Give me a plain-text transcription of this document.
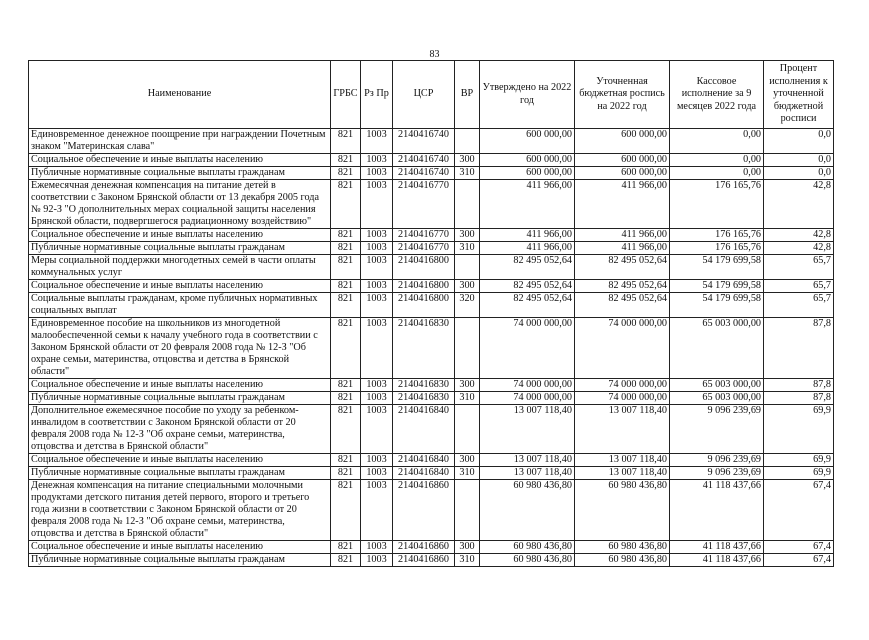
83
Наименование	ГРБС	Рз Пр	ЦСР	ВР	Утверждено на 2022 год	Уточненная бюджетная роспись на 2022 год	Кассовое исполнение за 9 месяцев 2022 года	Процент исполнения к уточненной бюджетной росписи
Единовременное денежное поощрение при награждении Почетным знаком "Материнская слава"	821	1003	2140416740		600 000,00	600 000,00	0,00	0,0
Социальное обеспечение и иные выплаты населению	821	1003	2140416740	300	600 000,00	600 000,00	0,00	0,0
Публичные нормативные социальные выплаты гражданам	821	1003	2140416740	310	600 000,00	600 000,00	0,00	0,0
Ежемесячная денежная компенсация на питание детей в соответствии с Законом Брянской области от 13 декабря 2005 года № 92-З "О дополнительных мерах социальной защиты населения Брянской области, подвергшегося радиационному воздействию"	821	1003	2140416770		411 966,00	411 966,00	176 165,76	42,8
Социальное обеспечение и иные выплаты населению	821	1003	2140416770	300	411 966,00	411 966,00	176 165,76	42,8
Публичные нормативные социальные выплаты гражданам	821	1003	2140416770	310	411 966,00	411 966,00	176 165,76	42,8
Меры социальной поддержки многодетных семей в части оплаты коммунальных услуг	821	1003	2140416800		82 495 052,64	82 495 052,64	54 179 699,58	65,7
Социальное обеспечение и иные выплаты населению	821	1003	2140416800	300	82 495 052,64	82 495 052,64	54 179 699,58	65,7
Социальные выплаты гражданам, кроме публичных нормативных социальных выплат	821	1003	2140416800	320	82 495 052,64	82 495 052,64	54 179 699,58	65,7
Единовременное пособие на школьников из многодетной малообеспеченной семьи к началу учебного года в соответствии с Законом Брянской области от 20 февраля 2008 года № 12-З "Об охране семьи, материнства, отцовства и детства в Брянской области"	821	1003	2140416830		74 000 000,00	74 000 000,00	65 003 000,00	87,8
Социальное обеспечение и иные выплаты населению	821	1003	2140416830	300	74 000 000,00	74 000 000,00	65 003 000,00	87,8
Публичные нормативные социальные выплаты гражданам	821	1003	2140416830	310	74 000 000,00	74 000 000,00	65 003 000,00	87,8
Дополнительное ежемесячное пособие по уходу за ребенком-инвалидом в соответствии с Законом Брянской области от 20 февраля 2008 года № 12-З "Об охране семьи, материнства, отцовства и детства в Брянской области"	821	1003	2140416840		13 007 118,40	13 007 118,40	9 096 239,69	69,9
Социальное обеспечение и иные выплаты населению	821	1003	2140416840	300	13 007 118,40	13 007 118,40	9 096 239,69	69,9
Публичные нормативные социальные выплаты гражданам	821	1003	2140416840	310	13 007 118,40	13 007 118,40	9 096 239,69	69,9
Денежная компенсация на питание специальными молочными продуктами детского питания детей первого, второго и третьего года жизни в соответствии с Законом Брянской области от 20 февраля 2008 года № 12-З "Об охране семьи, материнства, отцовства и детства в Брянской области"	821	1003	2140416860		60 980 436,80	60 980 436,80	41 118 437,66	67,4
Социальное обеспечение и иные выплаты населению	821	1003	2140416860	300	60 980 436,80	60 980 436,80	41 118 437,66	67,4
Публичные нормативные социальные выплаты гражданам	821	1003	2140416860	310	60 980 436,80	60 980 436,80	41 118 437,66	67,4
